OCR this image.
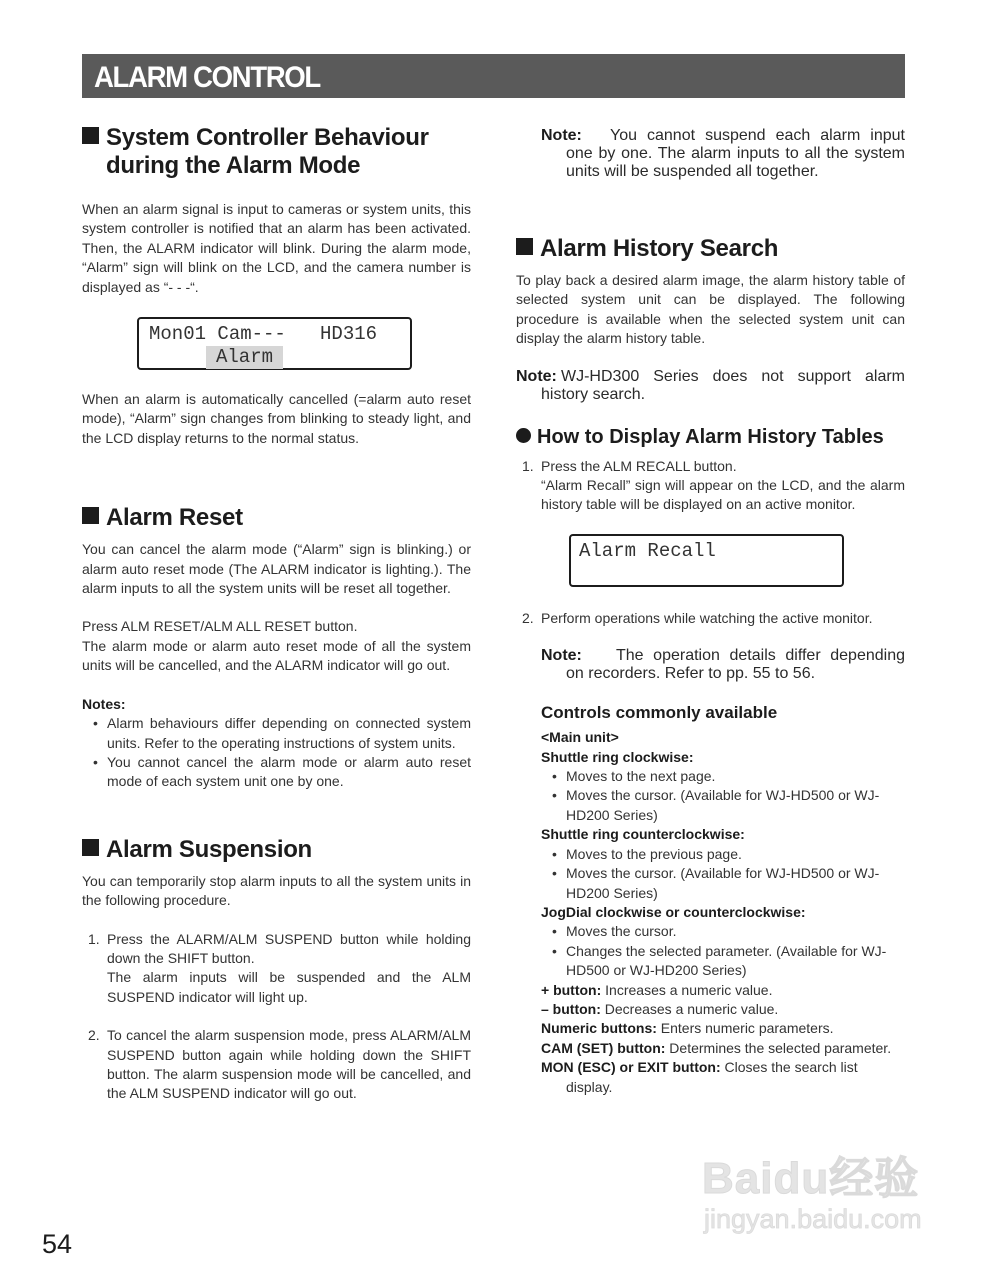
ALARM CONTROL
System Controller Behaviour
during the Alarm Mode

When an alarm signal is input to cameras or system units, this system controller is notified that an alarm has been activated. Then, the ALARM indicator will blink. During the alarm mode, “Alarm” sign will blink on the LCD, and the camera number is displayed as “- - -“.

Mon01 Cam---   HD316
Alarm

When an alarm is automatically cancelled (=alarm auto reset mode), “Alarm” sign changes from blinking to steady light, and the LCD display returns to the normal status.

Alarm Reset

You can cancel the alarm mode (“Alarm” sign is blinking.) or alarm auto reset mode (The ALARM indicator is lighting.). The alarm inputs to all the system units will be reset all together.

Press ALM RESET/ALM ALL RESET button.

The alarm mode or alarm auto reset mode of all the system units will be cancelled, and the ALARM indicator will go out.

Notes:

• Alarm behaviours differ depending on connected system units. Refer to the operating instructions of system units.
• You cannot cancel the alarm mode or alarm auto reset mode of each system unit one by one.
Alarm Suspension

You can temporarily stop alarm inputs to all the system units in the following procedure.

1. Press the ALARM/ALM SUSPEND button while holding down the SHIFT button.
The alarm inputs will be suspended and the ALM SUSPEND indicator will light up.
2. To cancel the alarm suspension mode, press ALARM/ALM SUSPEND button again while holding down the SHIFT button. The alarm suspension mode will be cancelled, and the ALM SUSPEND indicator will go out.
Note:	You cannot suspend each alarm input one by one. The alarm inputs to all the system units will be suspended all together.
Alarm History Search

To play back a desired alarm image, the alarm history table of selected system unit can be displayed. The following procedure is available when the selected system unit can display the alarm history table.

Note: WJ-HD300 Series does not support alarm history search.
How to Display Alarm History Tables
1. Press the ALM RECALL button.
“Alarm Recall” sign will appear on the LCD, and the alarm history table will be displayed on an active monitor.
Alarm Recall
2. Perform operations while watching the active monitor.
Note:	The operation details differ depending on recorders. Refer to pp. 55 to 56.
Controls commonly available
<Main unit>
Shuttle ring clockwise:
• Moves to the next page.
• Moves the cursor. (Available for WJ-HD500 or WJ-HD200 Series)
Shuttle ring counterclockwise:
• Moves to the previous page.
• Moves the cursor. (Available for WJ-HD500 or WJ-HD200 Series)
JogDial clockwise or counterclockwise:
• Moves the cursor.
• Changes the selected parameter. (Available for WJ-HD500 or WJ-HD200 Series)
+ button: Increases a numeric value.
– button: Decreases a numeric value.
Numeric buttons: Enters numeric parameters.
CAM (SET) button: Determines the selected parameter.
MON (ESC) or EXIT button: Closes the search list display.
54
Baidu经验
jingyan.baidu.com
